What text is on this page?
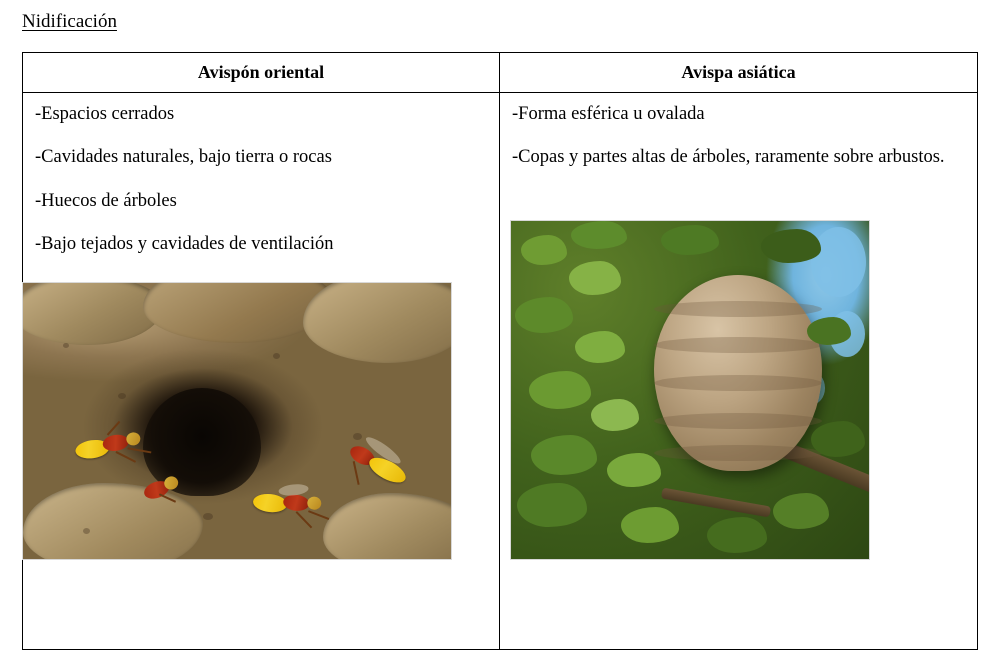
Nidificación
Avispón oriental	Avispa asiática

-Espacios cerrados

-Cavidades naturales, bajo tierra o rocas

-Huecos de árboles

-Bajo tejados y cavidades de ventilación

-Forma esférica u ovalada

-Copas y partes altas de árboles, raramente sobre arbustos.
